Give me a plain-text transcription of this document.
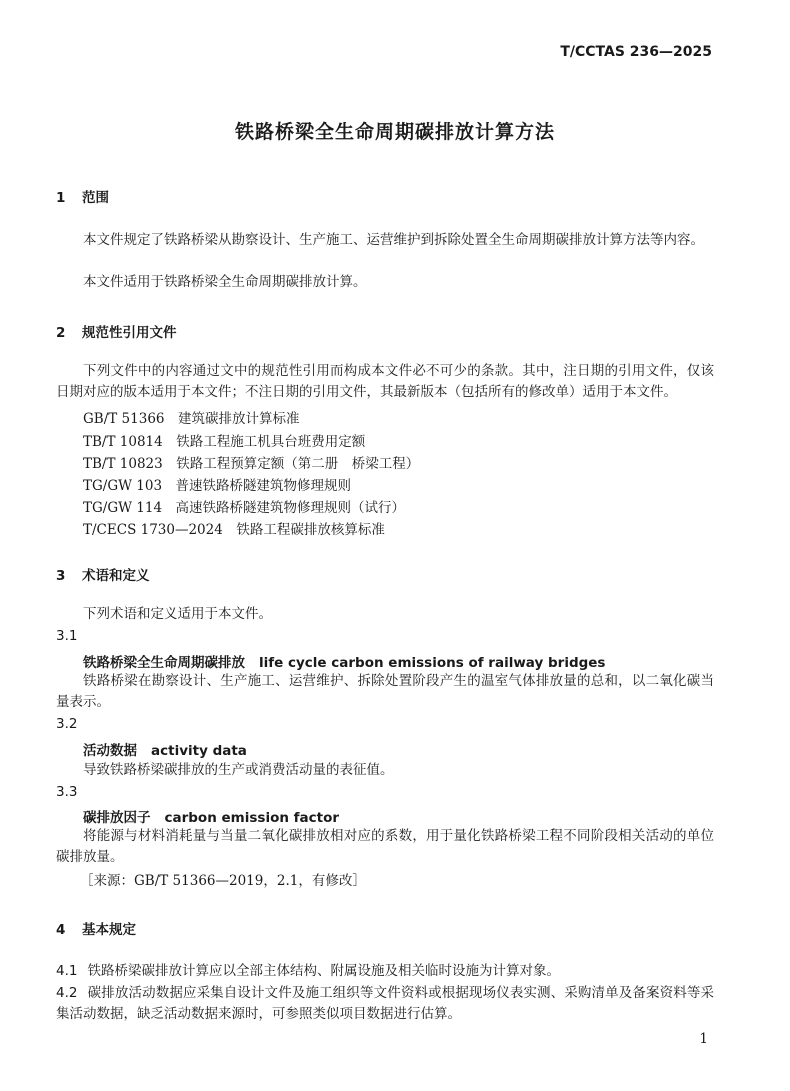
T/CCTAS 236—2025
铁路桥梁全生命周期碳排放计算方法
1 范围
本文件规定了铁路桥梁从勘察设计、生产施工、运营维护到拆除处置全生命周期碳排放计算方法等内容。
本文件适用于铁路桥梁全生命周期碳排放计算。
2 规范性引用文件
下列文件中的内容通过文中的规范性引用而构成本文件必不可少的条款。其中，注日期的引用文件，仅该日期对应的版本适用于本文件；不注日期的引用文件，其最新版本（包括所有的修改单）适用于本文件。
GB/T 51366　建筑碳排放计算标准
TB/T 10814　铁路工程施工机具台班费用定额
TB/T 10823　铁路工程预算定额（第二册　桥梁工程）
TG/GW 103　普速铁路桥隧建筑物修理规则
TG/GW 114　高速铁路桥隧建筑物修理规则（试行）
T/CECS 1730—2024　铁路工程碳排放核算标准
3 术语和定义
下列术语和定义适用于本文件。
3.1
铁路桥梁全生命周期碳排放 life cycle carbon emissions of railway bridges
铁路桥梁在勘察设计、生产施工、运营维护、拆除处置阶段产生的温室气体排放量的总和，以二氧化碳当量表示。
3.2
活动数据 activity data
导致铁路桥梁碳排放的生产或消费活动量的表征值。
3.3
碳排放因子 carbon emission factor
将能源与材料消耗量与当量二氧化碳排放相对应的系数，用于量化铁路桥梁工程不同阶段相关活动的单位碳排放量。
［来源：GB/T 51366—2019，2.1，有修改］
4 基本规定
4.1 铁路桥梁碳排放计算应以全部主体结构、附属设施及相关临时设施为计算对象。
4.2 碳排放活动数据应采集自设计文件及施工组织等文件资料或根据现场仪表实测、采购清单及备案资料等采集活动数据，缺乏活动数据来源时，可参照类似项目数据进行估算。
1
